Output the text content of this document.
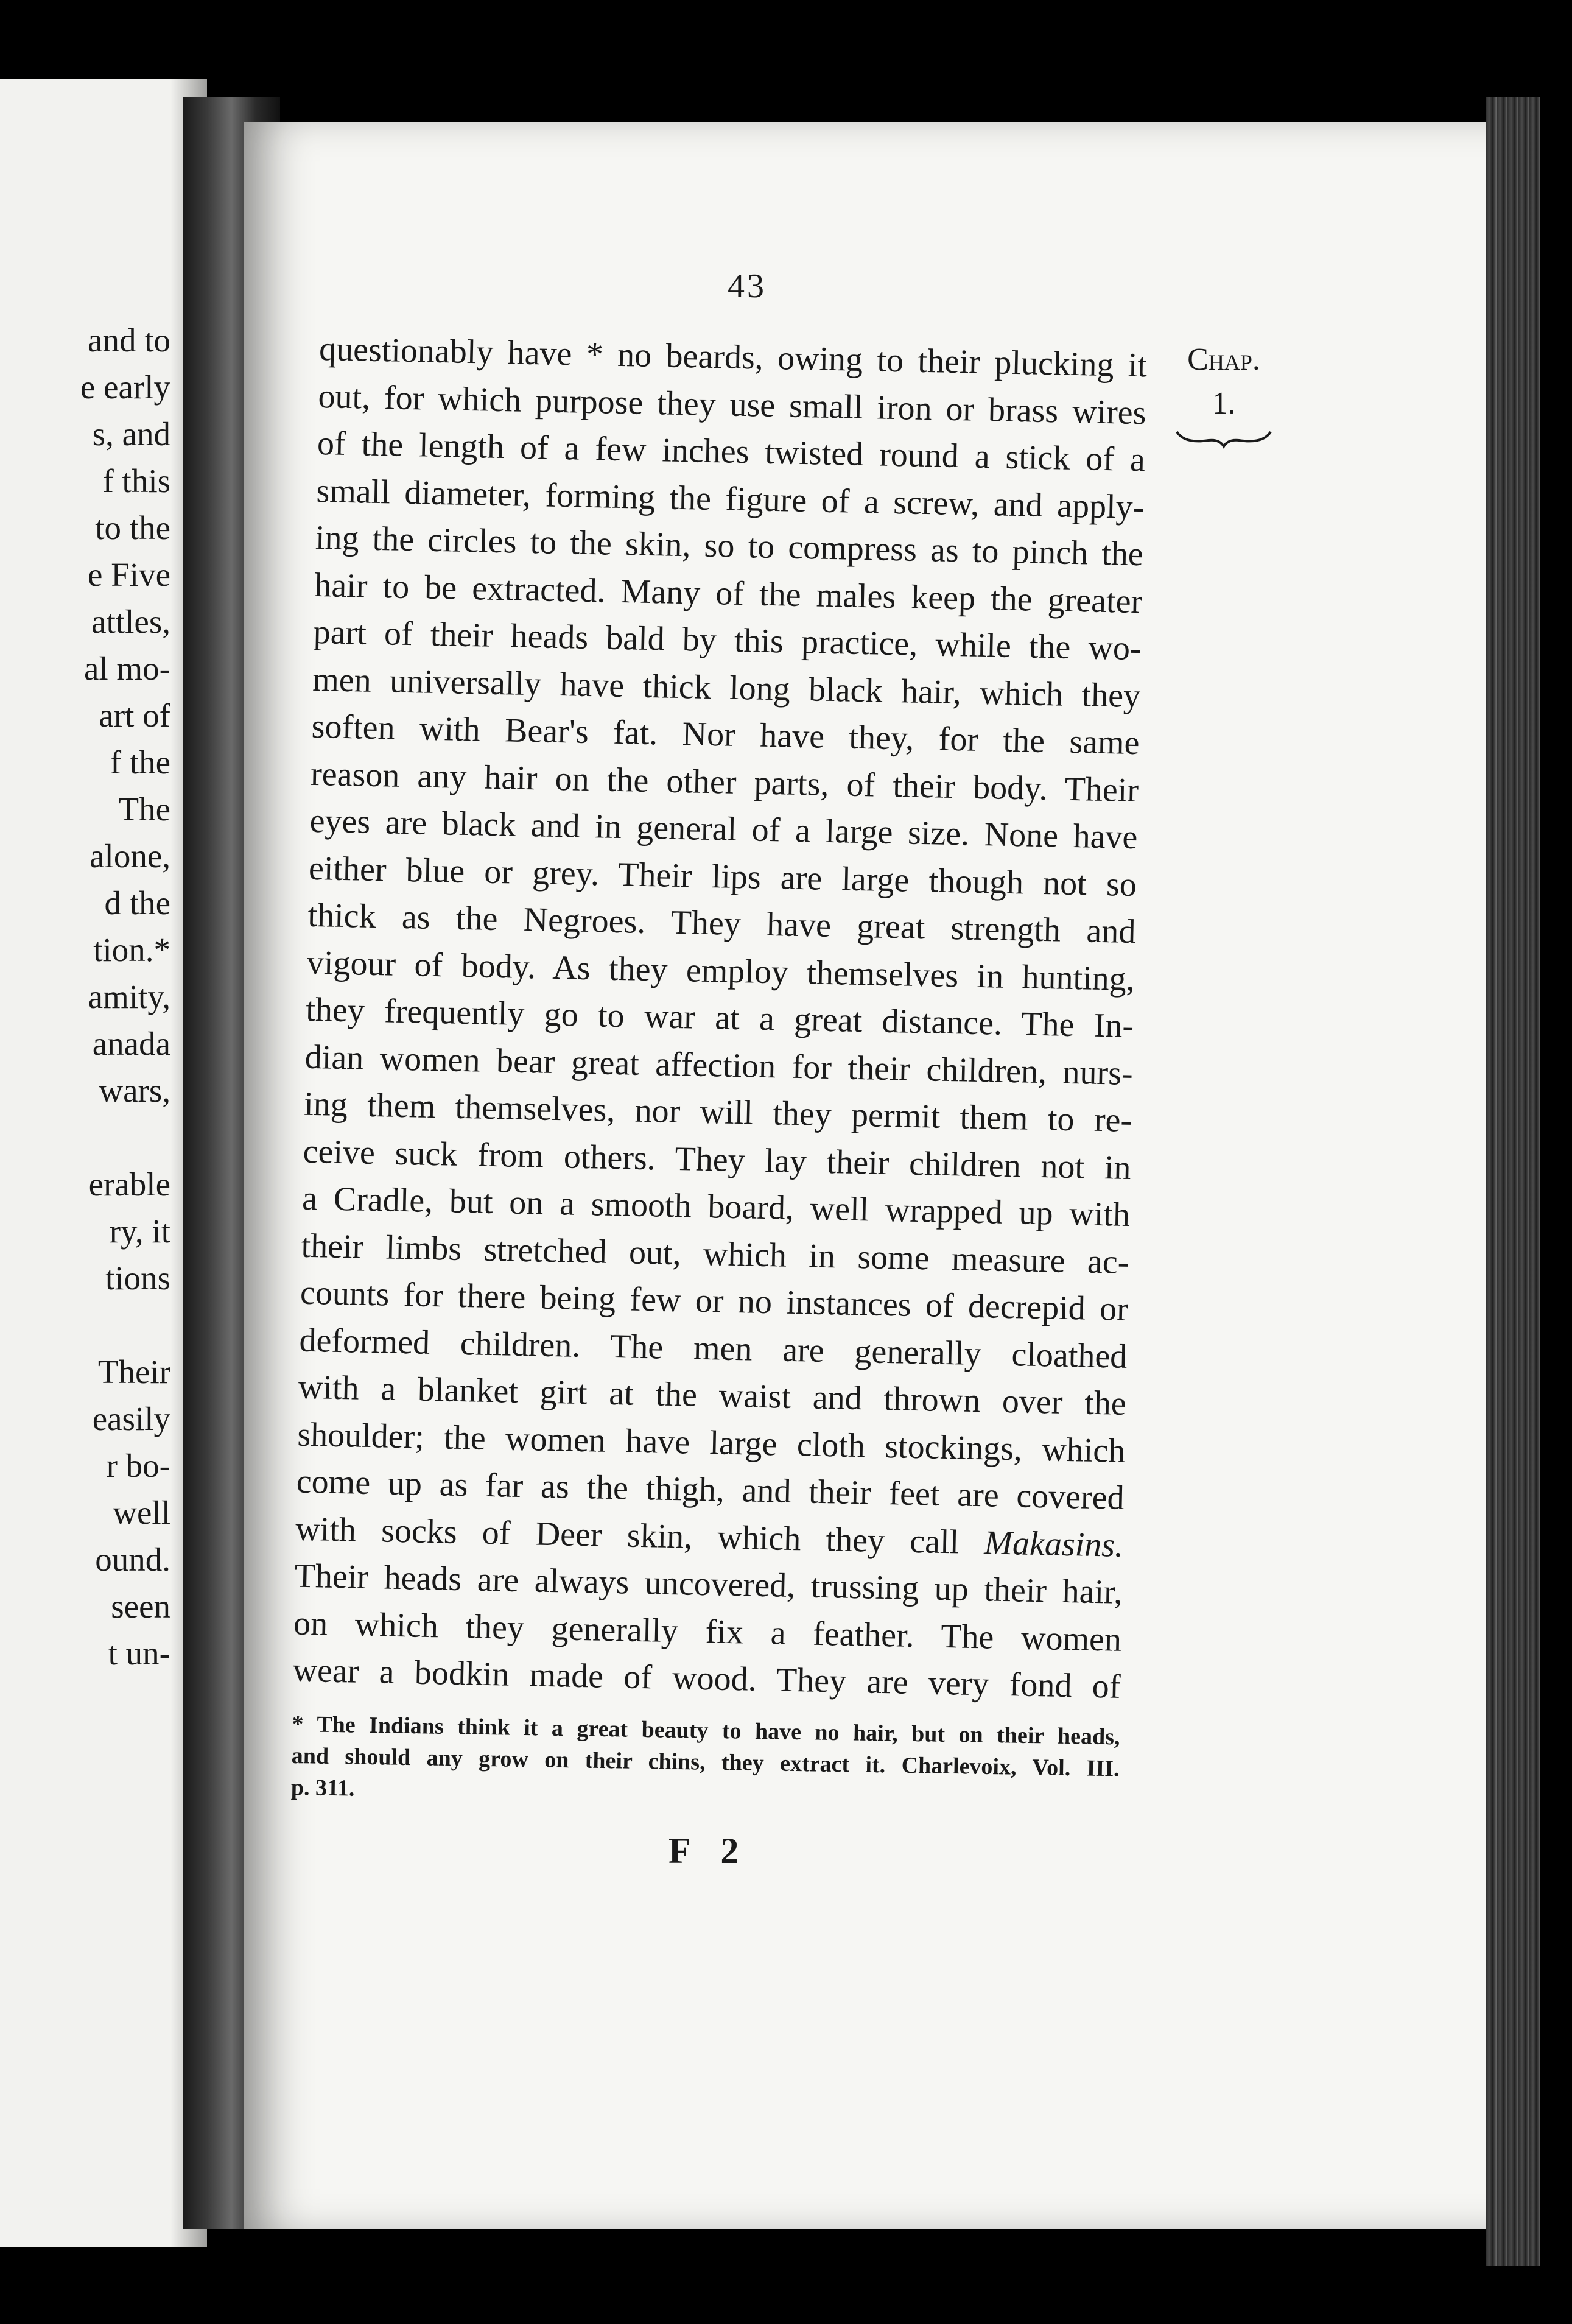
and to
e early
s, and
f this
to the
e Five
attles,
al mo-
art of
f the
The
alone,
d the
tion.*
amity,
anada
wars,
erable
ry, it
tions
Their
easily
r bo-
well
ound.
seen
t un-
43
Chap.
1.
questionably have * no beards, owing to their plucking it
out, for which purpose they use small iron or brass wires
of the length of a few inches twisted round a stick of a
small diameter, forming the figure of a screw, and apply-
ing the circles to the skin, so to compress as to pinch the
hair to be extracted. Many of the males keep the greater
part of their heads bald by this practice, while the wo-
men universally have thick long black hair, which they
soften with Bear's fat. Nor have they, for the same
reason any hair on the other parts, of their body. Their
eyes are black and in general of a large size. None have
either blue or grey. Their lips are large though not so
thick as the Negroes. They have great strength and
vigour of body. As they employ themselves in hunting,
they frequently go to war at a great distance. The In-
dian women bear great affection for their children, nurs-
ing them themselves, nor will they permit them to re-
ceive suck from others. They lay their children not in
a Cradle, but on a smooth board, well wrapped up with
their limbs stretched out, which in some measure ac-
counts for there being few or no instances of decrepid or
deformed children. The men are generally cloathed
with a blanket girt at the waist and thrown over the
shoulder; the women have large cloth stockings, which
come up as far as the thigh, and their feet are covered
with socks of Deer skin, which they call Makasins.
Their heads are always uncovered, trussing up their hair,
on which they generally fix a feather. The women
wear a bodkin made of wood. They are very fond of
* The Indians think it a great beauty to have no hair, but on their heads,
and should any grow on their chins, they extract it. Charlevoix, Vol. III.
p. 311.
F 2
